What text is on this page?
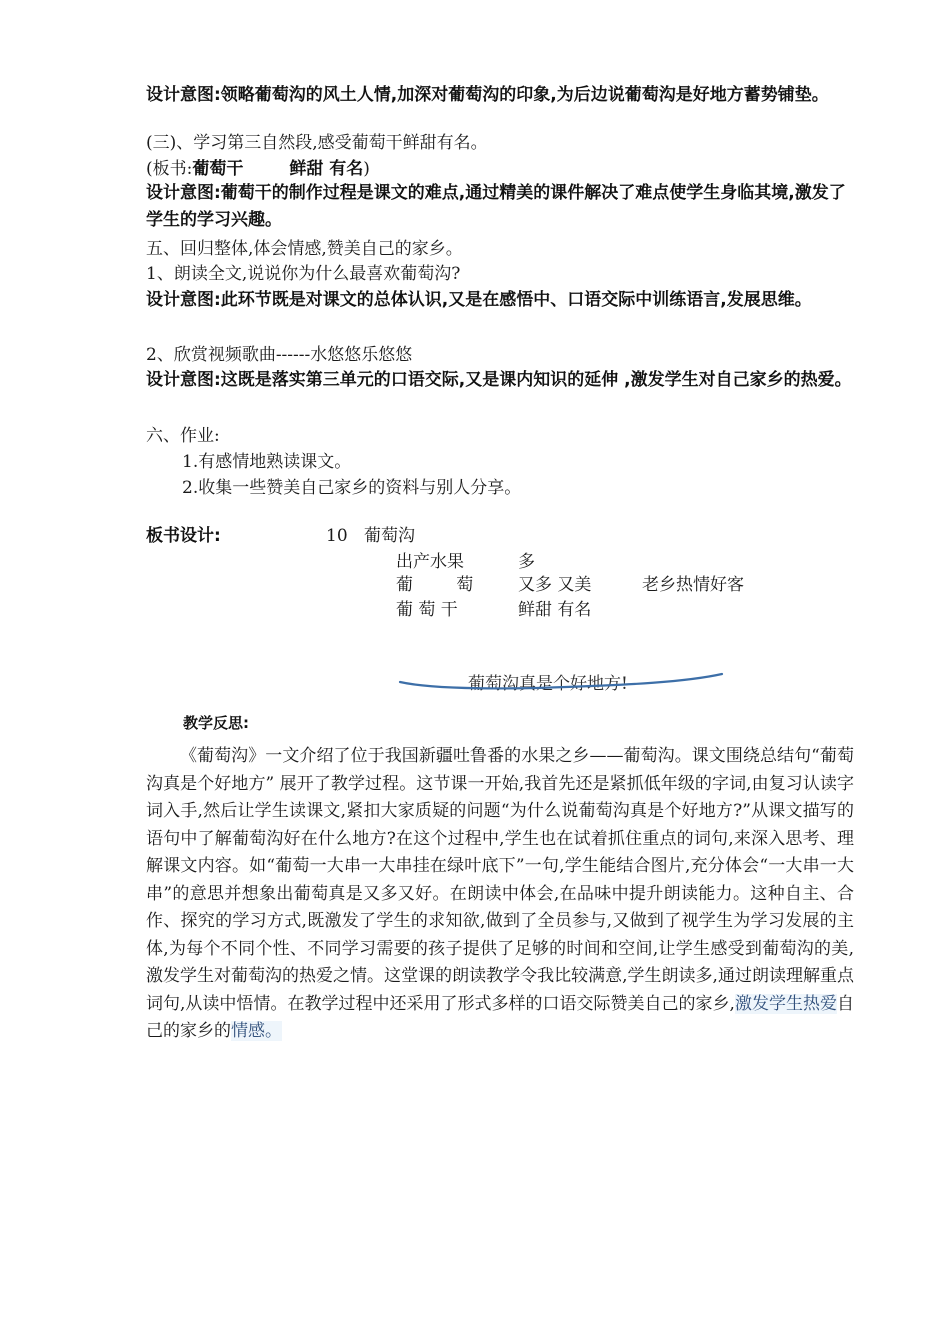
设计意图:领略葡萄沟的风土人情,加深对葡萄沟的印象,为后边说葡萄沟是好地方蓄势铺垫。
(三)、学习第三自然段,感受葡萄干鲜甜有名。
(板书:葡萄干	鲜甜 有名)
设计意图:葡萄干的制作过程是课文的难点,通过精美的课件解决了难点使学生身临其境,激发了学生的学习兴趣。
五、回归整体,体会情感,赞美自己的家乡。
1、朗读全文,说说你为什么最喜欢葡萄沟?
设计意图:此环节既是对课文的总体认识,又是在感悟中、口语交际中训练语言,发展思维。
2、欣赏视频歌曲------水悠悠乐悠悠
设计意图:这既是落实第三单元的口语交际,又是课内知识的延伸 ,激发学生对自己家乡的热爱。
六、作业:
1.有感情地熟读课文。
2.收集一些赞美自己家乡的资料与别人分享。
板书设计:	10 葡萄沟
出产水果	多
葡        萄	又多 又美	老乡热情好客
葡 萄 干	鲜甜 有名
葡萄沟真是个好地方!
教学反思:
《葡萄沟》一文介绍了位于我国新疆吐鲁番的水果之乡——葡萄沟。课文围绕总结句“葡萄沟真是个好地方” 展开了教学过程。这节课一开始,我首先还是紧抓低年级的字词,由复习认读字词入手,然后让学生读课文,紧扣大家质疑的问题“为什么说葡萄沟真是个好地方?”从课文描写的语句中了解葡萄沟好在什么地方?在这个过程中,学生也在试着抓住重点的词句,来深入思考、理解课文内容。如“葡萄一大串一大串挂在绿叶底下”一句,学生能结合图片,充分体会“一大串一大串”的意思并想象出葡萄真是又多又好。在朗读中体会,在品味中提升朗读能力。这种自主、合作、探究的学习方式,既激发了学生的求知欲,做到了全员参与,又做到了视学生为学习发展的主体,为每个不同个性、不同学习需要的孩子提供了足够的时间和空间,让学生感受到葡萄沟的美,激发学生对葡萄沟的热爱之情。这堂课的朗读教学令我比较满意,学生朗读多,通过朗读理解重点词句,从读中悟情。在教学过程中还采用了形式多样的口语交际赞美自己的家乡,激发学生热爱自己的家乡的情感。
